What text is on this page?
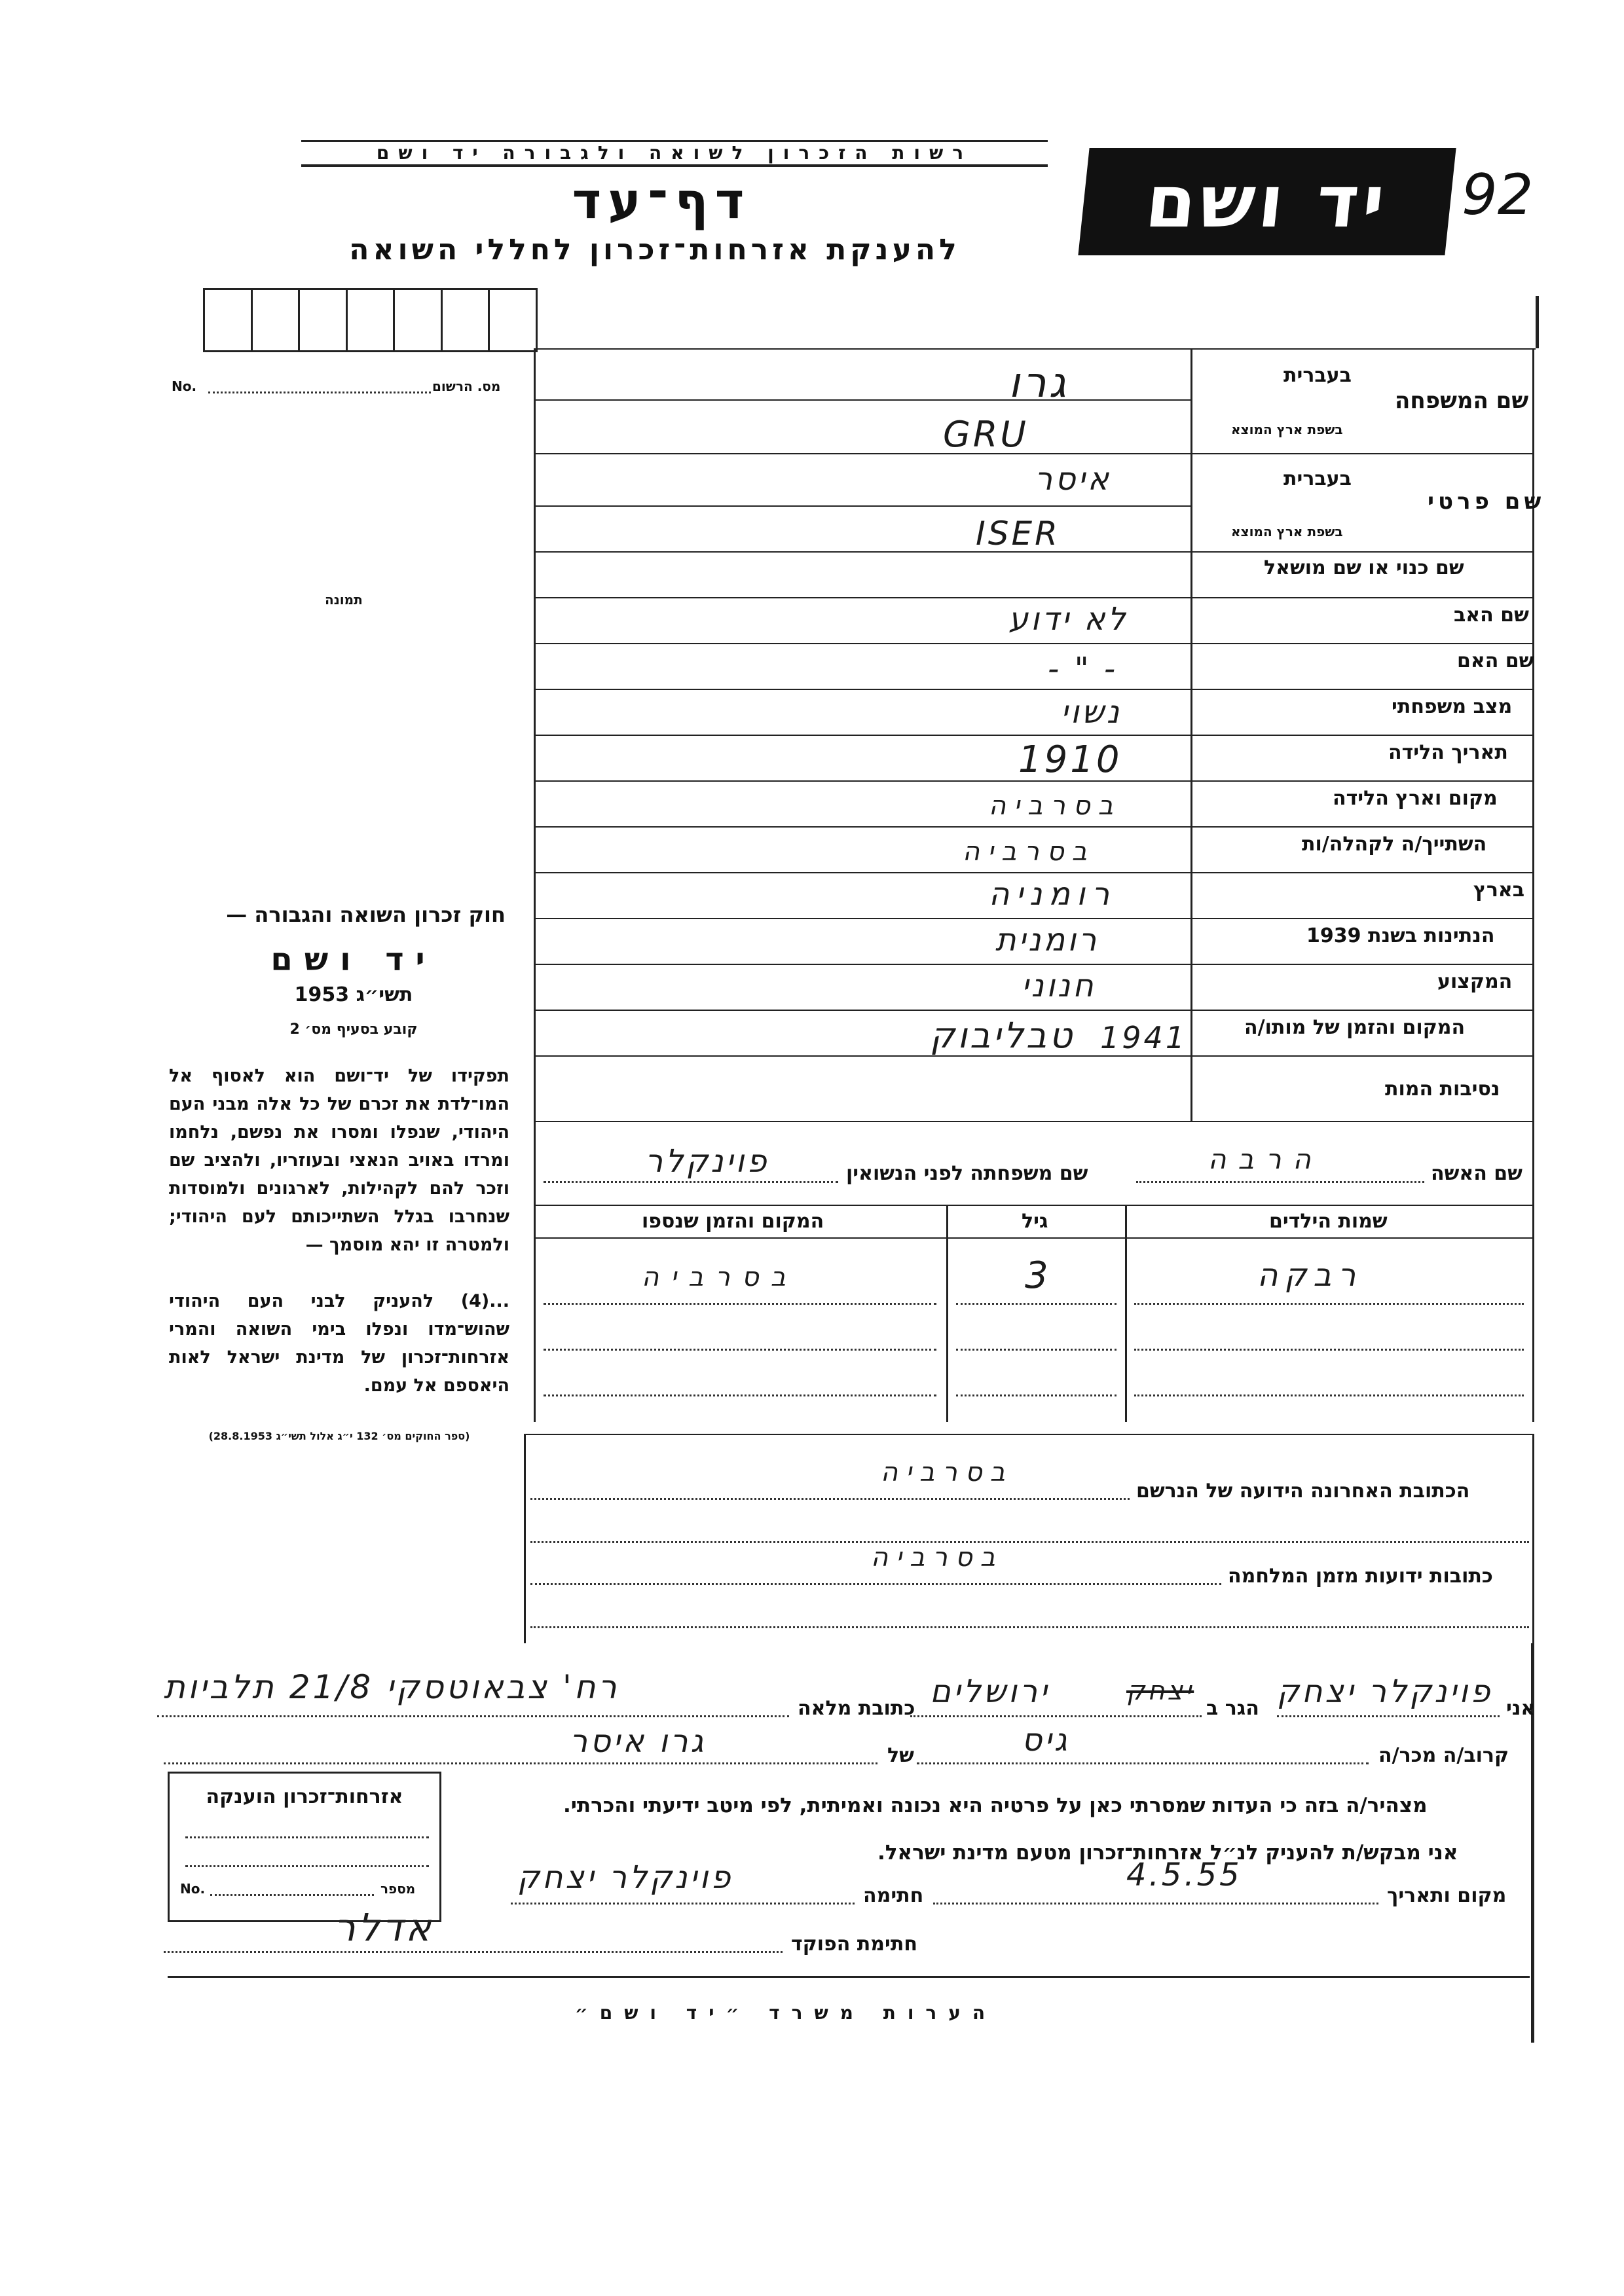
רשות הזכרון לשואה ולגבורה יד ושם
יד ושם 92
דף־עד
להענקת אזרחות־זכרון לחללי השואה
No.	מס. הרשום
תמונה
בעברית
שם המשפחה
בשפת ארץ המוצא
בעברית
שם פרטי
בשפת ארץ המוצא
שם כנוי או שם מושאל
שם האב
שם האם
מצב משפחתי
תאריך הלידה
מקום וארץ הלידה
השתייך/ה לקהלה/ות
בארץ
הנתינות בשנת 1939
המקצוע
המקום והזמן של מותו/ה
נסיבות המות
גרו
GRU
איסר
ISER
לא ידוע
- " -
נשוי
1910
בסרביה
בסרביה
רומניה
רומנית
חנוני
1941
טבליבוק
שם האשה
הרבה
שם משפחתה לפני הנשואין
פוינקלר
שמות הילדים
גיל
המקום והזמן שנספו
רבקה
3
בסרביה
הכתובת האחרונה הידועה של הנרשם
בסרביה
כתובות ידועות מזמן המלחמה
בסרביה
חוק זכרון השואה והגבורה —
יד ושם
תשי״ג 1953
קובע בסעיף מס׳ 2
תפקידו של יד־ושם הוא לאסוף אל המו־לדת את זכרם של כל אלה מבני העם היהודי, שנפלו ומסרו את נפשם, נלחמו ומרדו באויב הנאצי ובעוזריו, ולהציב שם וזכר להם לקהילות, לארגונים ולמוסדות שנחרבו בגלל השתייכותם לעם היהודי; ולמטרה זו יהא מוסמך —
...(4) להעניק לבני העם היהודי שהוש־מדו ונפלו בימי השואה והמרי אזרחות־זכרון של מדינת ישראל לאות היאספם אל עמם.
(ספר החוקים מס׳ 132 י״ג אלול תשי״ג 28.8.1953)
אני
פוינקלר יצחק
הגר ב
יצחק
ירושלים
כתובת מלאה
רח' צבאוטסקי 21/8 תלביות
קרוב/ה מכר/ה
גיס
של
גרו איסר
מצהיר/ה בזה כי העדות שמסרתי כאן על פרטיה היא נכונה ואמיתית, לפי מיטב ידיעתי והכרתי.
אני מבקש/ת להעניק לנ״ל אזרחות־זכרון מטעם מדינת ישראל.
מקום ותאריך
4.5.55
חתימה
פוינקלר יצחק
חתימת הפוקד
אדלר
אזרחות־זכרון הוענקה
No.	מספר
הערות משרד ״יד ושם״
